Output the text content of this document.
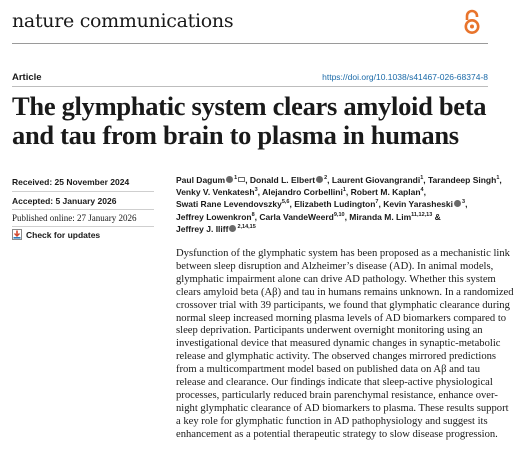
nature communications
Article	https://doi.org/10.1038/s41467-026-68374-8
The glymphatic system clears amyloid beta
and tau from brain to plasma in humans
Received: 25 November 2024
Accepted: 5 January 2026
Published online: 27 January 2026
Check for updates
Paul Dagum $^1$ , Donald L. Elbert $^2$, Laurent Giovangrandi$^1$, Tarandeep Singh$^1$,
Venky V. Venkatesh$^3$, Alejandro Corbellini$^1$, Robert M. Kaplan$^4$,
Swati Rane Levendovszky$^{5,6}$, Elizabeth Ludington$^7$, Kevin Yarasheski $^3$,
Jeffrey Lowenkron$^8$, Carla VandeWeerd$^{9,10}$, Miranda M. Lim$^{11,12,13}$ &
Jeffrey J. Iliff $^{2,14,15}$
Dysfunction of the glymphatic system has been proposed as a mechanistic link
between sleep disruption and Alzheimer’s disease (AD). In animal models,
glymphatic impairment alone can drive AD pathology. Whether this system
clears amyloid beta (Aβ) and tau in humans remains unknown. In a randomized
crossover trial with 39 participants, we found that glymphatic clearance during
normal sleep increased morning plasma levels of AD biomarkers compared to
sleep deprivation. Participants underwent overnight monitoring using an
investigational device that measured dynamic changes in synaptic-metabolic
release and glymphatic activity. The observed changes mirrored predictions
from a multicompartment model based on published data on Aβ and tau
release and clearance. Our findings indicate that sleep-active physiological
processes, particularly reduced brain parenchymal resistance, enhance over-
night glymphatic clearance of AD biomarkers to plasma. These results support
a key role for glymphatic function in AD pathophysiology and suggest its
enhancement as a potential therapeutic strategy to slow disease progression.
